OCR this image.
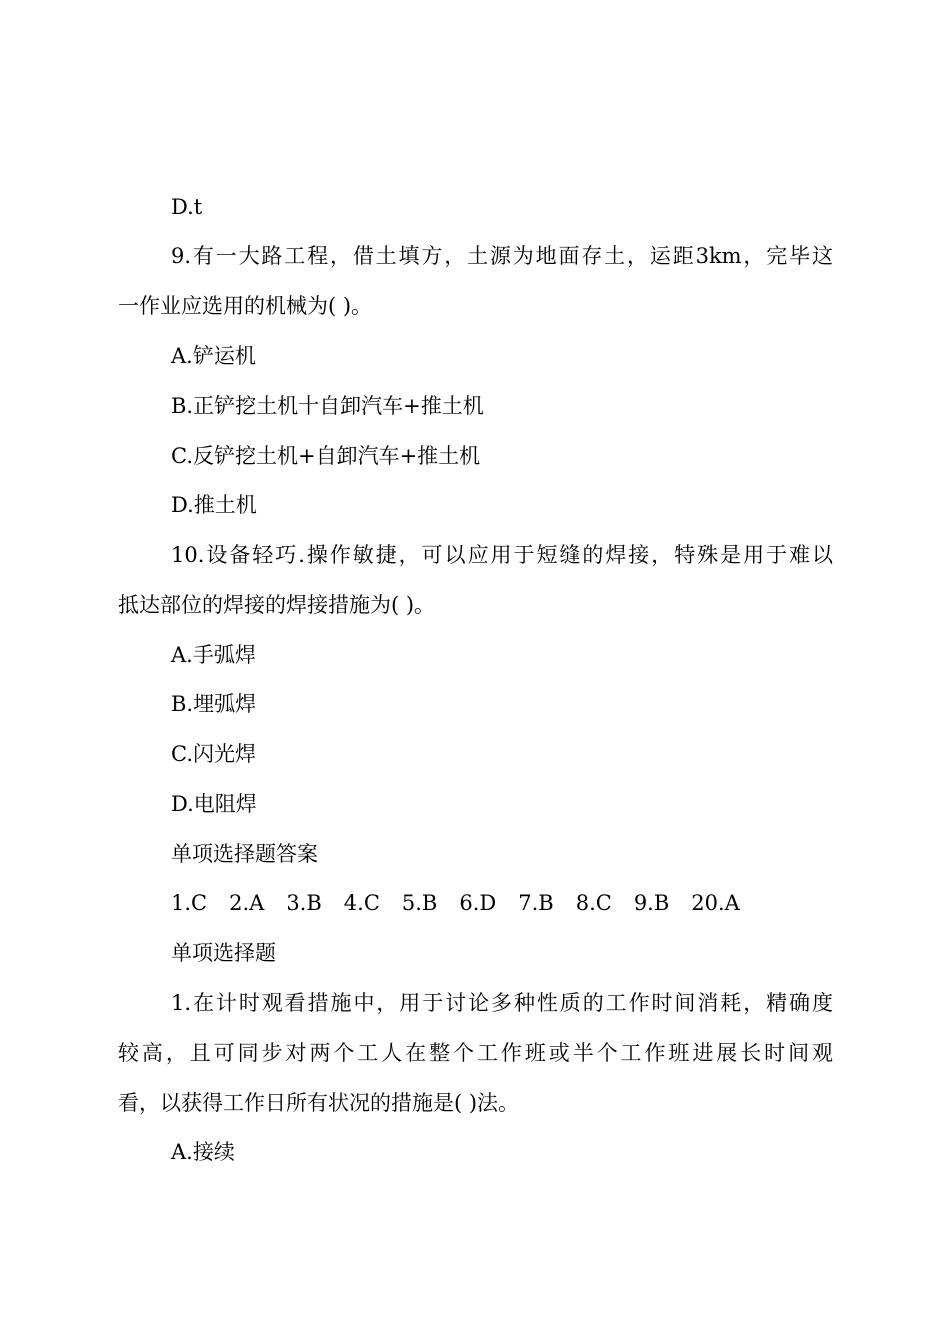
D.t
9.有一大路工程，借土填方，土源为地面存土，运距3km，完毕这
一作业应选用的机械为( )。
A.铲运机
B.正铲挖土机十自卸汽车+推土机
C.反铲挖土机+自卸汽车+推土机
D.推土机
10.设备轻巧.操作敏捷，可以应用于短缝的焊接，特殊是用于难以
抵达部位的焊接的焊接措施为( )。
A.手弧焊
B.埋弧焊
C.闪光焊
D.电阻焊
单项选择题答案
1.C 2.A 3.B 4.C 5.B 6.D 7.B 8.C 9.B 20.A
单项选择题
1.在计时观看措施中，用于讨论多种性质的工作时间消耗，精确度
较高，且可同步对两个工人在整个工作班或半个工作班进展长时间观
看，以获得工作日所有状况的措施是( )法。
A.接续
